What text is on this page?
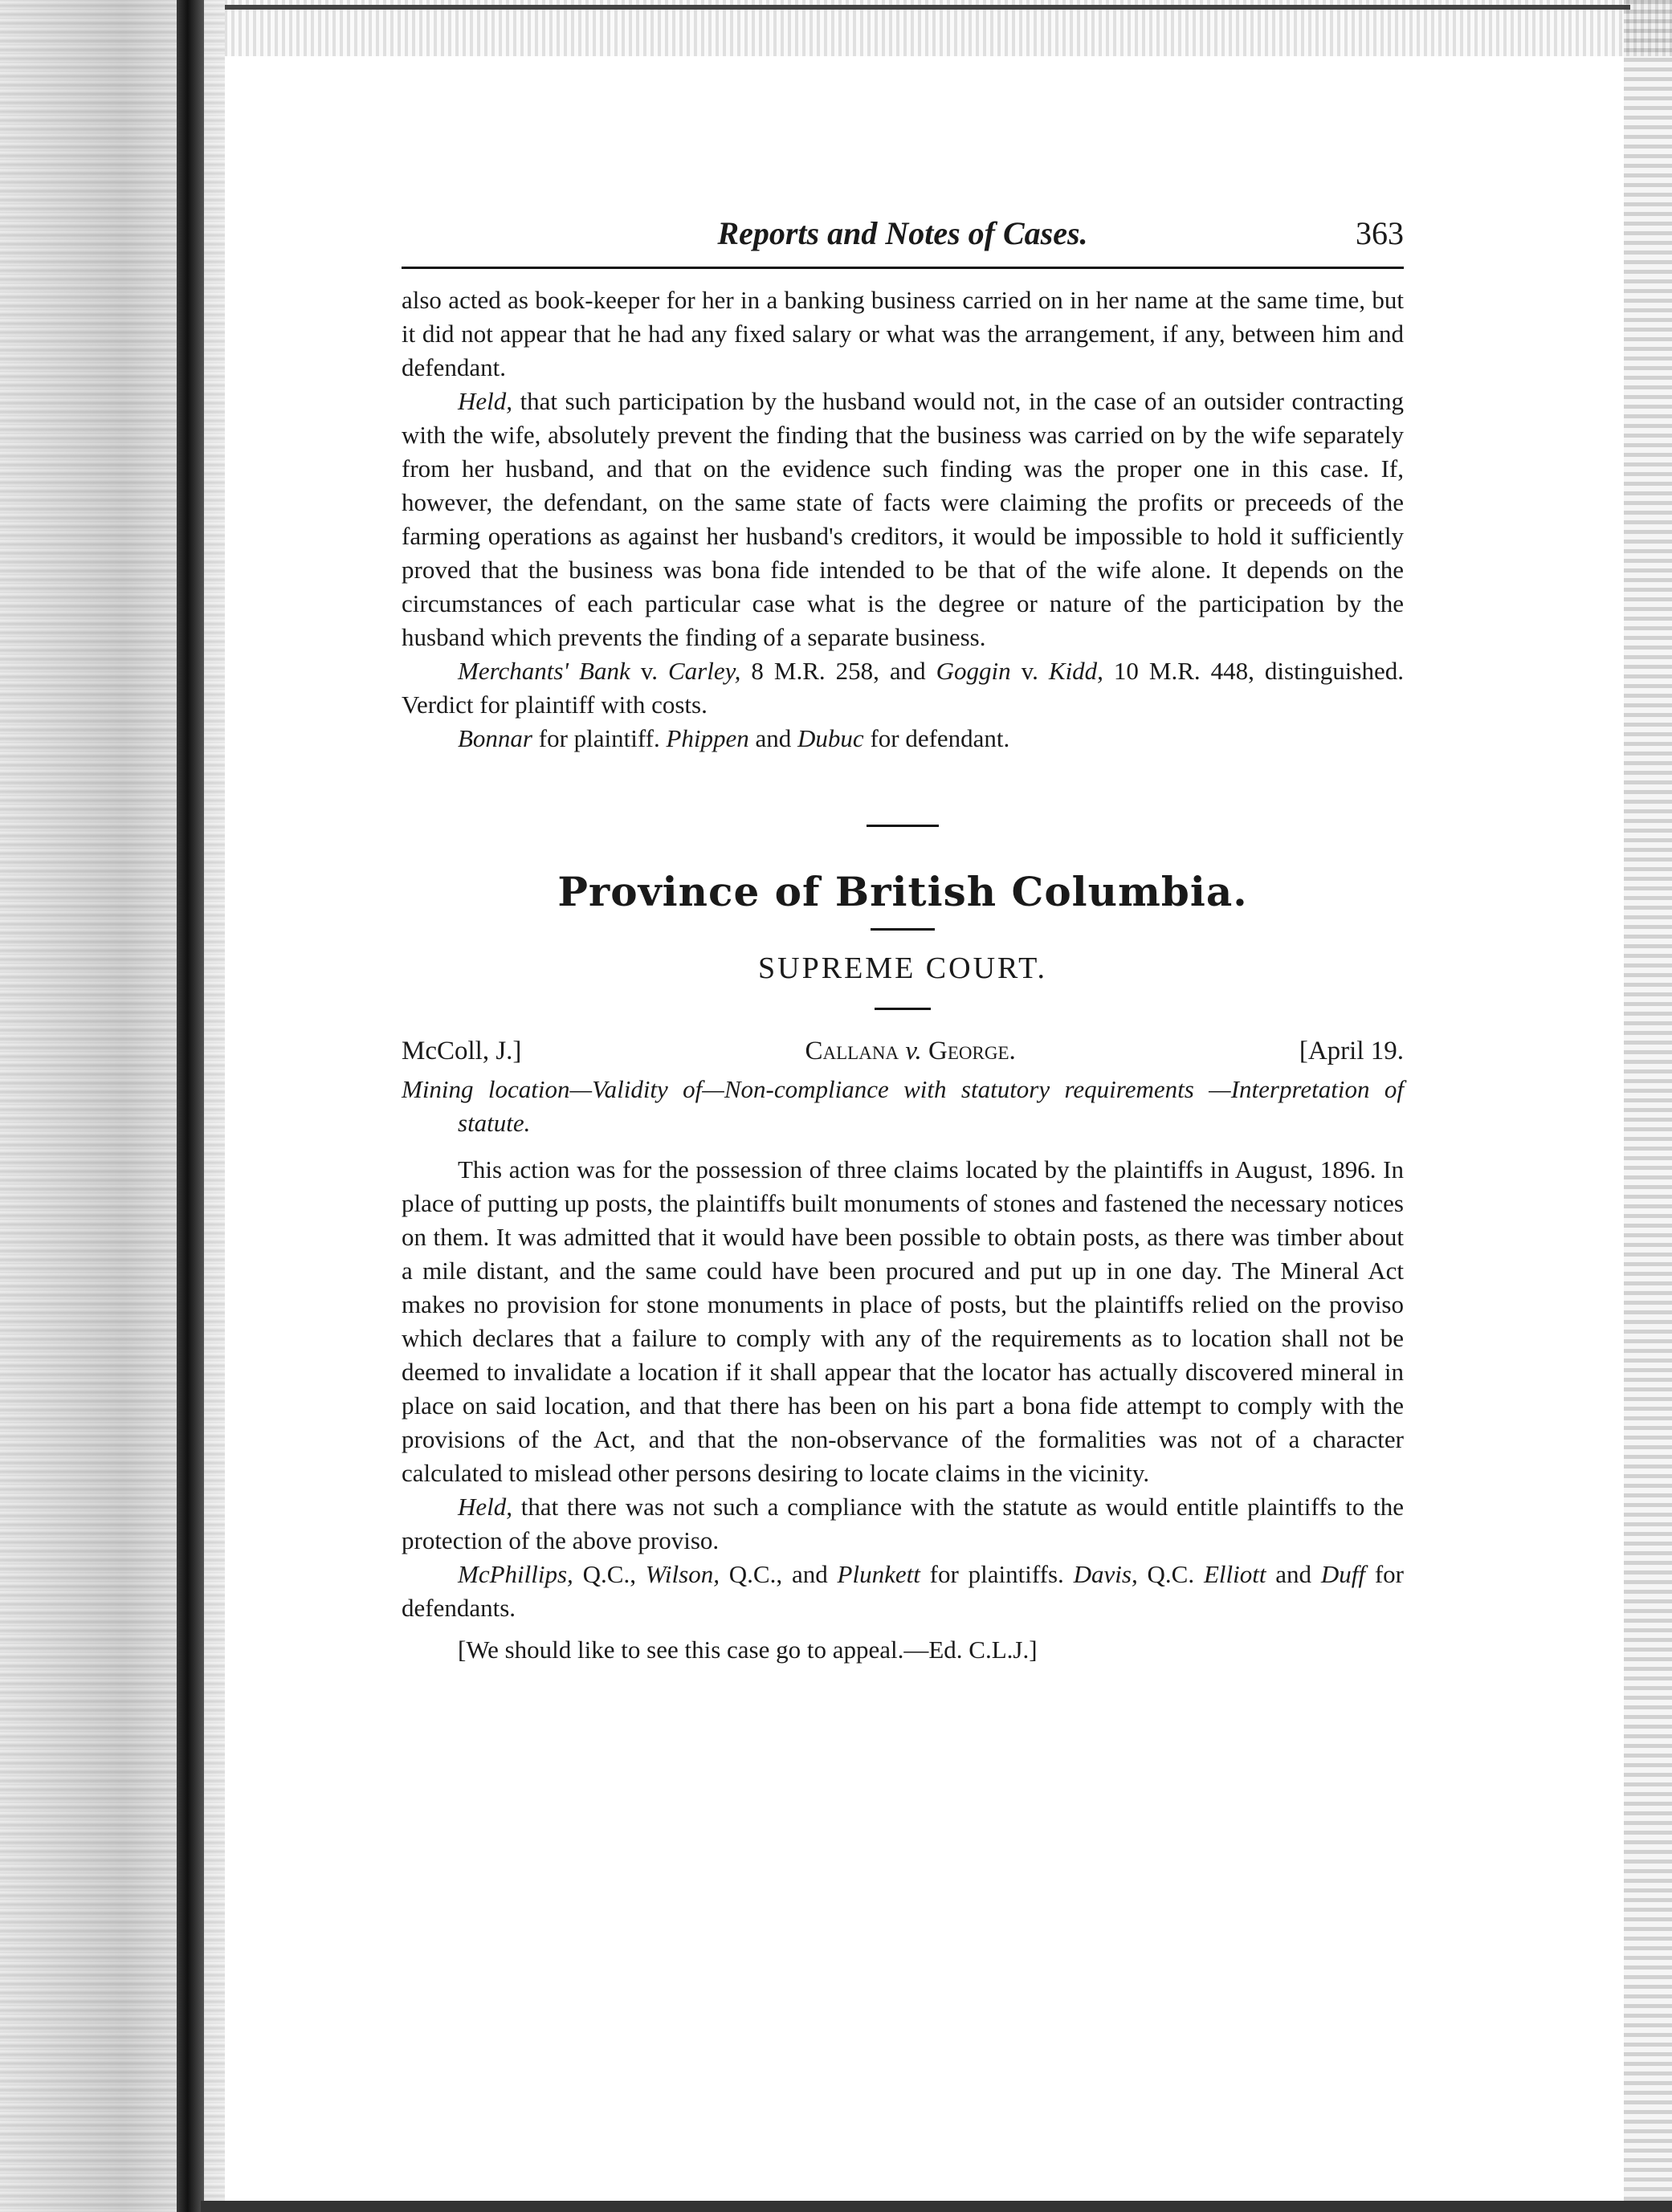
Reports and Notes of Cases.	363

also acted as book-keeper for her in a banking business carried on in her name at the same time, but it did not appear that he had any fixed salary or what was the arrangement, if any, between him and defendant.

Held, that such participation by the husband would not, in the case of an outsider contracting with the wife, absolutely prevent the finding that the business was carried on by the wife separately from her husband, and that on the evidence such finding was the proper one in this case. If, however, the defendant, on the same state of facts were claiming the profits or preceeds of the farming operations as against her husband's creditors, it would be impossible to hold it sufficiently proved that the business was bona fide intended to be that of the wife alone. It depends on the circumstances of each particular case what is the degree or nature of the participation by the husband which prevents the finding of a separate business.

Merchants' Bank v. Carley, 8 M.R. 258, and Goggin v. Kidd, 10 M.R. 448, distinguished. Verdict for plaintiff with costs.

Bonnar for plaintiff. Phippen and Dubuc for defendant.

Province of British Columbia.
SUPREME COURT.
McColl, J.]	Callana v. George.	[April 19.

Mining location—Validity of—Non-compliance with statutory requirements —Interpretation of statute.

This action was for the possession of three claims located by the plaintiffs in August, 1896. In place of putting up posts, the plaintiffs built monuments of stones and fastened the necessary notices on them. It was admitted that it would have been possible to obtain posts, as there was timber about a mile distant, and the same could have been procured and put up in one day. The Mineral Act makes no provision for stone monuments in place of posts, but the plaintiffs relied on the proviso which declares that a failure to comply with any of the requirements as to location shall not be deemed to invalidate a location if it shall appear that the locator has actually discovered mineral in place on said location, and that there has been on his part a bona fide attempt to comply with the provisions of the Act, and that the non-observance of the formalities was not of a character calculated to mislead other persons desiring to locate claims in the vicinity.

Held, that there was not such a compliance with the statute as would entitle plaintiffs to the protection of the above proviso.

McPhillips, Q.C., Wilson, Q.C., and Plunkett for plaintiffs. Davis, Q.C. Elliott and Duff for defendants.

[We should like to see this case go to appeal.—Ed. C.L.J.]
